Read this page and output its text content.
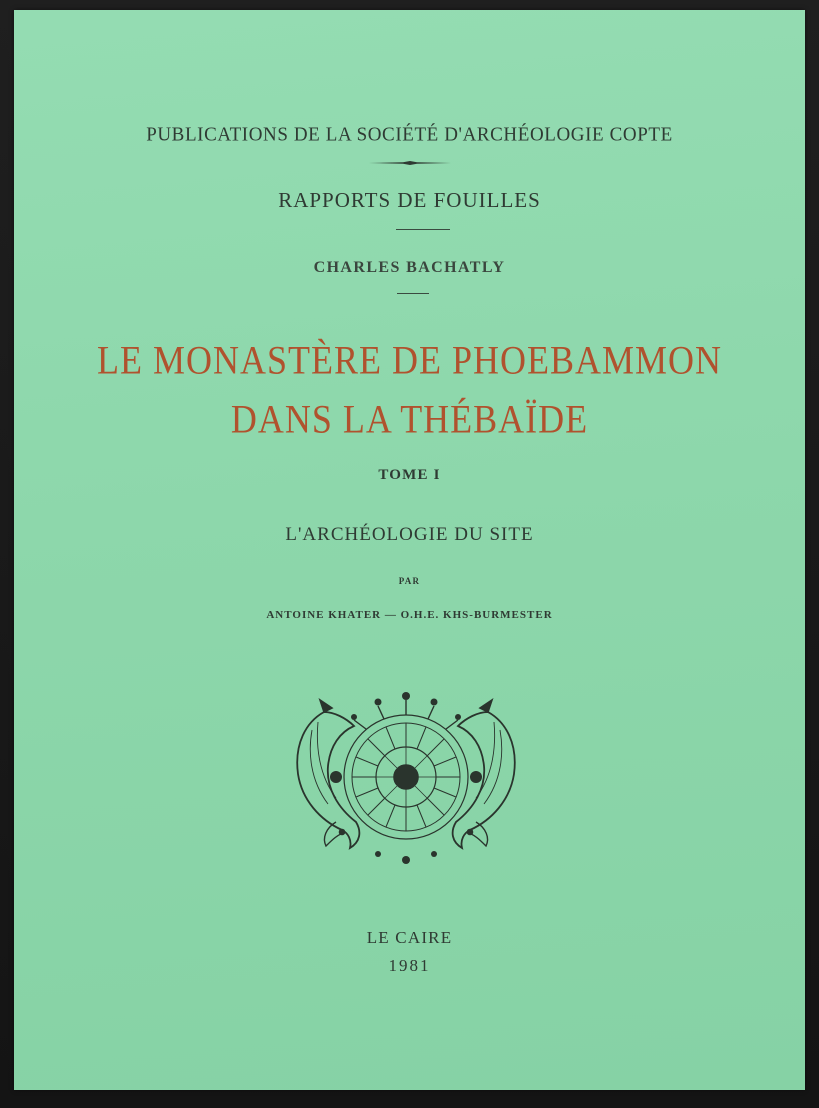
PUBLICATIONS DE LA SOCIÉTÉ D'ARCHÉOLOGIE COPTE
RAPPORTS DE FOUILLES
CHARLES BACHATLY
LE MONASTÈRE DE PHOEBAMMON
DANS LA THÉBAÏDE
TOME I
L'ARCHÉOLOGIE DU SITE
PAR
ANTOINE KHATER — O.H.E. KHS-BURMESTER
LE CAIRE
1981
